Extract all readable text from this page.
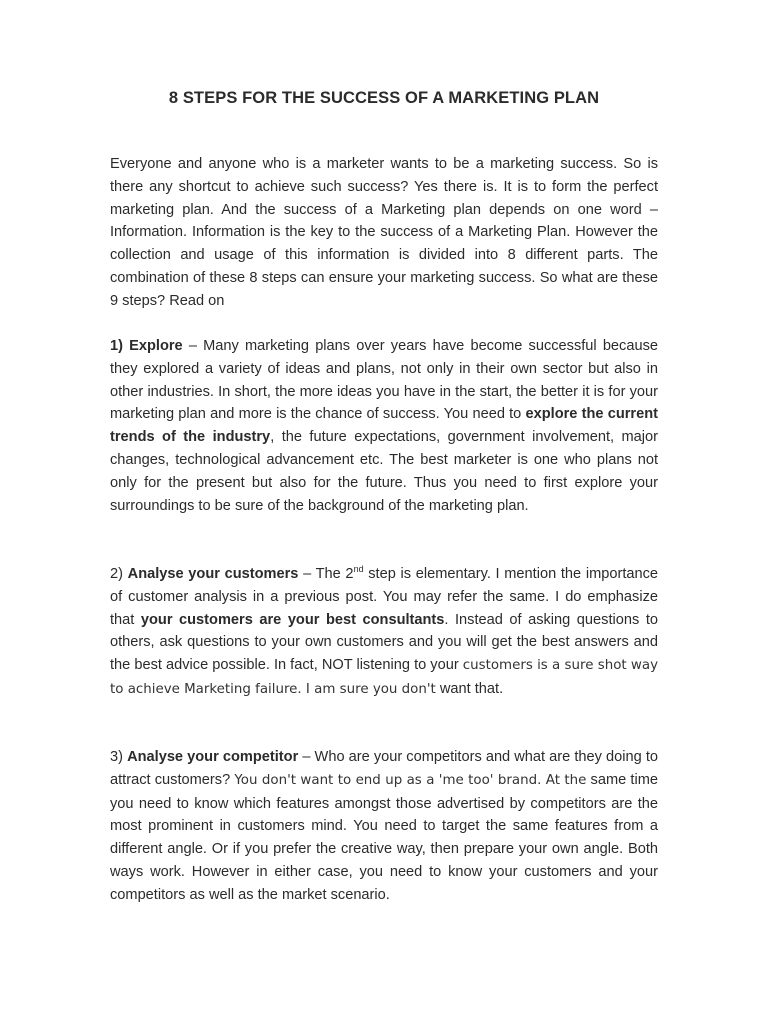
8 STEPS FOR THE SUCCESS OF A MARKETING PLAN

Everyone and anyone who is a marketer wants to be a marketing success. So is there any shortcut to achieve such success? Yes there is. It is to form the perfect marketing plan. And the success of a Marketing plan depends on one word – Information. Information is the key to the success of a Marketing Plan. However the collection and usage of this information is divided into 8 different parts. The combination of these 8 steps can ensure your marketing success. So what are these 9 steps? Read on

1) Explore – Many marketing plans over years have become successful because they explored a variety of ideas and plans, not only in their own sector but also in other industries. In short, the more ideas you have in the start, the better it is for your marketing plan and more is the chance of success. You need to explore the current trends of the industry, the future expectations, government involvement, major changes, technological advancement etc. The best marketer is one who plans not only for the present but also for the future. Thus you need to first explore your surroundings to be sure of the background of the marketing plan.

2) Analyse your customers – The 2nd step is elementary. I mention the importance of customer analysis in a previous post. You may refer the same. I do emphasize that your customers are your best consultants. Instead of asking questions to others, ask questions to your own customers and you will get the best answers and the best advice possible. In fact, NOT listening to your customers is a sure shot way to achieve Marketing failure. I am sure you don't want that.

3) Analyse your competitor – Who are your competitors and what are they doing to attract customers? You don't want to end up as a 'me too' brand. At the same time you need to know which features amongst those advertised by competitors are the most prominent in customers mind. You need to target the same features from a different angle. Or if you prefer the creative way, then prepare your own angle. Both ways work. However in either case, you need to know your customers and your competitors as well as the market scenario.
